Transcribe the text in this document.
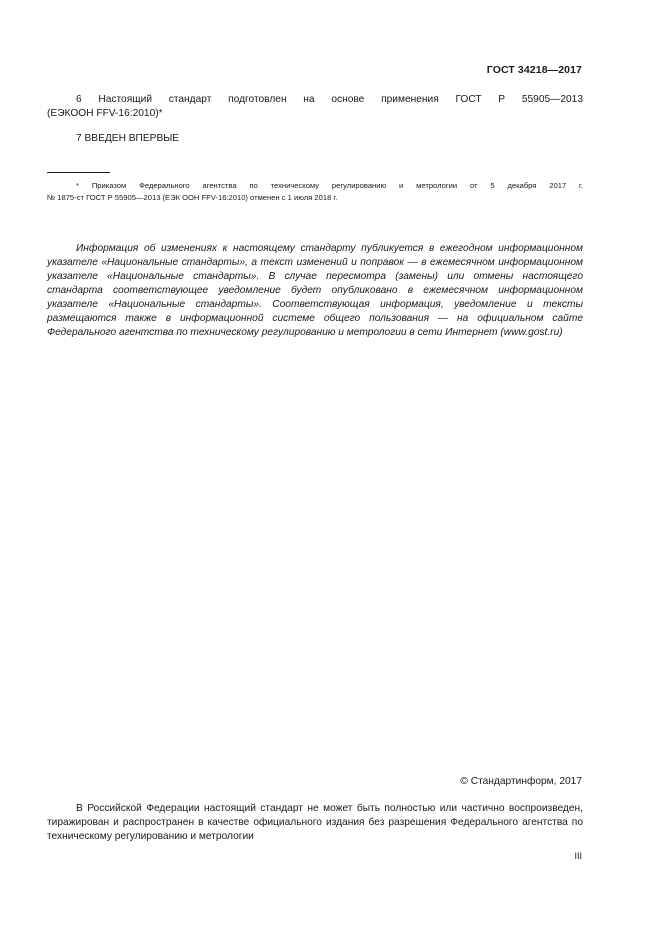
ГОСТ 34218—2017
6 Настоящий стандарт подготовлен на основе применения ГОСТ Р 55905—2013
(ЕЭКООН FFV-16:2010)*
7 ВВЕДЕН ВПЕРВЫЕ
* Приказом Федерального агентства по техническому регулированию и метрологии от 5 декабря 2017 г.
№ 1875-ст ГОСТ Р 55905—2013 (ЕЭК ООН FFV-16:2010) отменен с 1 июля 2018 г.
Информация об изменениях к настоящему стандарту публикуется в ежегодном информационном указателе «Национальные стандарты», а текст изменений и поправок — в ежемесячном информационном указателе «Национальные стандарты». В случае пересмотра (замены) или отмены настоящего стандарта соответствующее уведомление будет опубликовано в ежемесячном информационном указателе «Национальные стандарты». Соответствующая информация, уведомление и тексты размещаются также в информационной системе общего пользования — на официальном сайте Федерального агентства по техническому регулированию и метрологии в сети Интернет (www.gost.ru)
© Стандартинформ, 2017
В Российской Федерации настоящий стандарт не может быть полностью или частично воспроизведен, тиражирован и распространен в качестве официального издания без разрешения Федерального агентства по техническому регулированию и метрологии
III
